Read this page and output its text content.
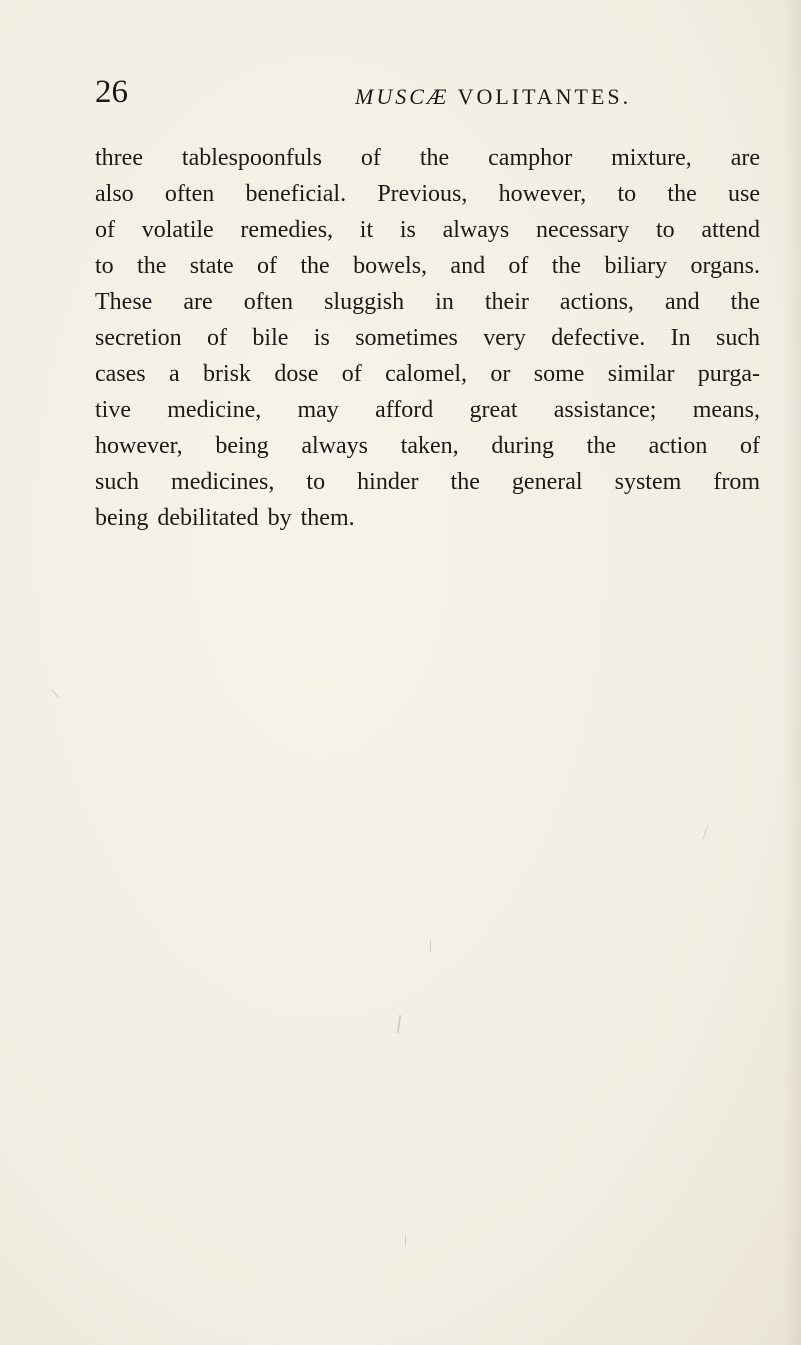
26	MUSCÆ VOLITANTES.
three tablespoonfuls of the camphor mixture, are
also often beneficial. Previous, however, to the use
of volatile remedies, it is always necessary to attend
to the state of the bowels, and of the biliary organs.
These are often sluggish in their actions, and the
secretion of bile is sometimes very defective. In such
cases a brisk dose of calomel, or some similar purga-
tive medicine, may afford great assistance; means,
however, being always taken, during the action of
such medicines, to hinder the general system from
being debilitated by them.
